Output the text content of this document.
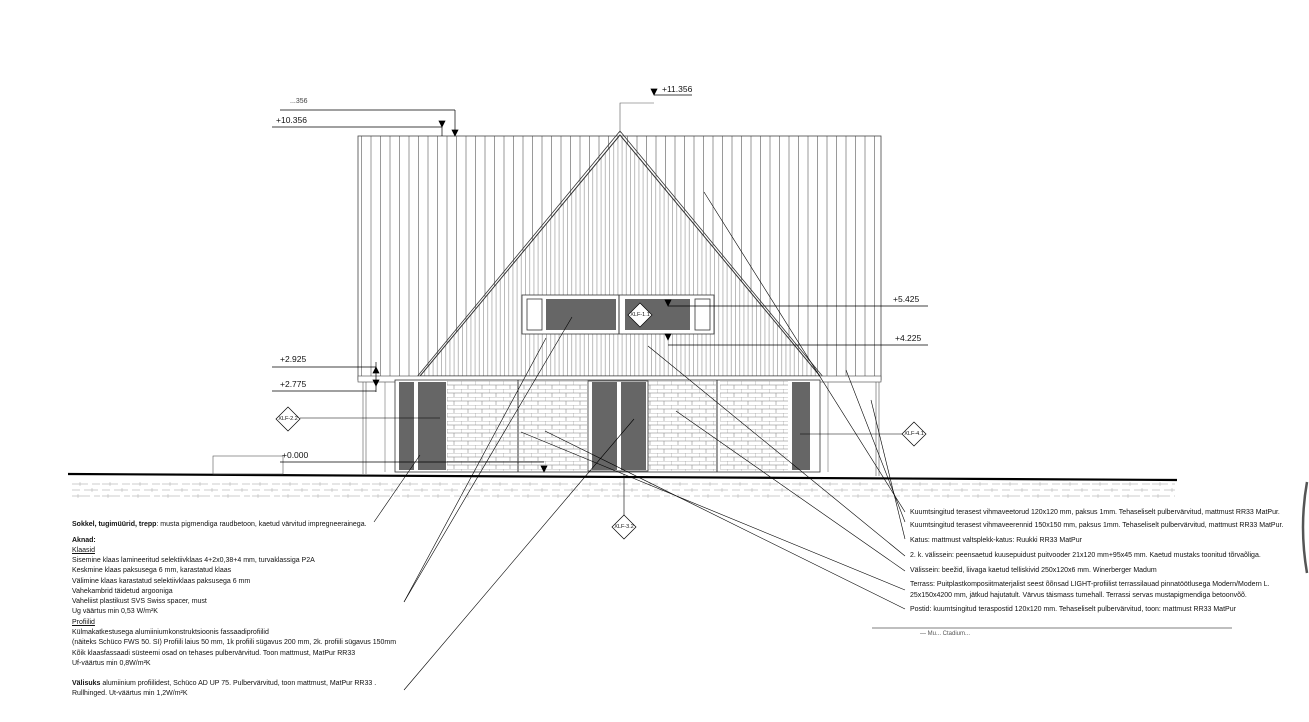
+11.356
...356
+10.356
+5.425
+4.225
+2.925
+2.775
+0.000
XLF-1.1
XLF-2.2
XLF-4.1
XLF-3.2
Sokkel, tugimüürid, trepp: musta pigmendiga raudbetoon, kaetud värvitud impregneerainega.
Aknad:
Klaasid
Sisemine klaas lamineeritud selektiivklaas 4+2x0,38+4 mm, turvaklassiga P2A
Keskmine klaas paksusega 6 mm, karastatud klaas
Välimine klaas karastatud selektiivklaas paksusega 6 mm
Vahekambrid täidetud argooniga
Vaheliist plastikust SVS Swiss spacer, must
Ug väärtus min 0,53 W/m²K
Profiilid
Külmakatkestusega alumiiniumkonstruktsioonis fassaadiprofiilid
(näiteks Schüco FWS 50. SI) Profiili laius 50 mm, 1k profiili sügavus 200 mm, 2k. profiili sügavus 150mm
Kõik klaasfassaadi süsteemi osad on tehases pulbervärvitud. Toon mattmust, MatPur RR33
Uf-väärtus min 0,8W/m²K
Välisuks alumiinium profiilidest, Schüco AD UP 75. Pulbervärvitud, toon mattmust, MatPur RR33 .
Rullhinged. Ut-väärtus min 1,2W/m²K
Kuumtsingitud terasest vihmaveetorud 120x120 mm, paksus 1mm. Tehaseliselt pulbervärvitud, mattmust RR33 MatPur.
Kuumtsingitud terasest vihmaveerennid 150x150 mm, paksus 1mm. Tehaseliselt pulbervärvitud, mattmust RR33 MatPur.
Katus: mattmust valtsplekk-katus: Ruukki RR33 MatPur
2. k. välissein: peensaetud kuusepuidust puitvooder 21x120 mm+95x45 mm. Kaetud mustaks toonitud tõrvaõliga.
Välissein: beežid, liivaga kaetud telliskivid 250x120x6 mm. Winerberger Madum
Terrass: Puitplastkomposiitmaterjalist seest õõnsad LIGHT-profiilist terrassilauad pinnatöötlusega Modern/Modern L.
25x150x4200 mm, jätkud hajutatult. Värvus täismass tumehall. Terrassi servas mustapigmendiga betoonvõõ.
Postid: kuumtsingitud teraspostid 120x120 mm. Tehaseliselt pulbervärvitud, toon: mattmust RR33 MatPur
— Mu... Ctadium...
